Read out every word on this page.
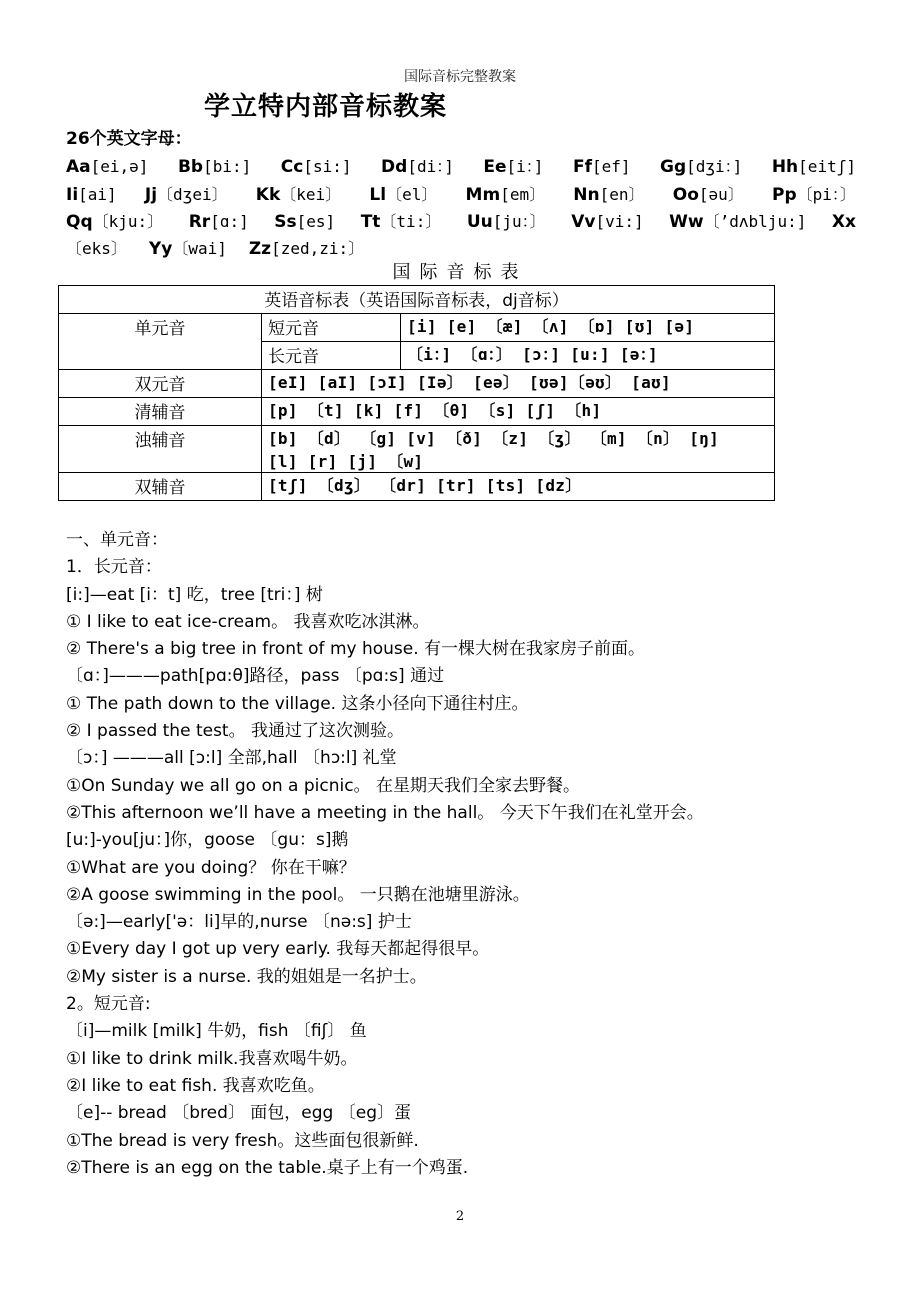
国际音标完整教案
学立特内部音标教案
26个英文字母：
Aa[ei,ə] Bb[bi:] Cc[si:] Dd[di：] Ee[i：] Ff[ef] Gg[dʒi：] Hh[eitʃ]
Ii[ai] Jj〔dʒei〕 Kk〔kei〕 Ll〔el〕 Mm[em〕 Nn[en〕 Oo[əu〕 Pp〔pi：〕
Qq〔kju:〕 Rr[ɑ:] Ss[es] Tt〔ti:〕 Uu[ju：〕 Vv[vi:] Ww〔’dʌblju:] Xx
〔eks〕 Yy〔wai] Zz[zed,zi:〕
国际音标表
英语音标表（英语国际音标表，dj音标）		
单元音	短元音	[i] [e] 〔æ] 〔ʌ] 〔ɒ] [ʊ] [ə]
	长元音	〔i：] 〔ɑ：〕 [ɔ：] [u:] [ə：]
双元音	[eI] [aI] [ɔI] [Iə〕 [eə〕 [ʊə]〔əʊ〕 [aʊ]	
清辅音	[p] 〔t] [k] [f] 〔θ] 〔s] [ʃ] 〔h]	
浊辅音	[b] 〔d〕 〔g] [v] 〔ð] 〔z] 〔ʒ〕 〔m] 〔n〕 [ŋ]
[l] [r] [j] 〔w]	

双辅音	[tʃ] 〔dʒ〕 〔dr] [tr] [ts] [dz〕	
一、单元音：
1．长元音：
[i:]—eat [i：t] 吃，tree [tri：] 树
① I like to eat ice-cream。 我喜欢吃冰淇淋。
② There's a big tree in front of my house. 有一棵大树在我家房子前面。
〔ɑ：]———path[pɑ:θ]路径，pass 〔pɑ:s] 通过
① The path down to the village. 这条小径向下通往村庄。
② I passed the test。 我通过了这次测验。
〔ɔ：] ———all [ɔ:l] 全部,hall 〔hɔ:l] 礼堂
①On Sunday we all go on a picnic。 在星期天我们全家去野餐。
②This afternoon we’ll have a meeting in the hall。 今天下午我们在礼堂开会。
[u:]-you[ju：]你，goose 〔gu：s]鹅
①What are you doing？ 你在干嘛？
②A goose swimming in the pool。 一只鹅在池塘里游泳。
〔ə:]—early['ə：li]早的,nurse 〔nə:s] 护士
①Every day I got up very early. 我每天都起得很早。
②My sister is a nurse. 我的姐姐是一名护士。
2。短元音:
〔i]—milk [milk] 牛奶，fish 〔fiʃ〕 鱼
①I like to drink milk.我喜欢喝牛奶。
②I like to eat fish. 我喜欢吃鱼。
〔e]-- bread 〔bred〕 面包，egg 〔eg〕蛋
①The bread is very fresh。这些面包很新鲜.
②There is an egg on the table.桌子上有一个鸡蛋.
2
